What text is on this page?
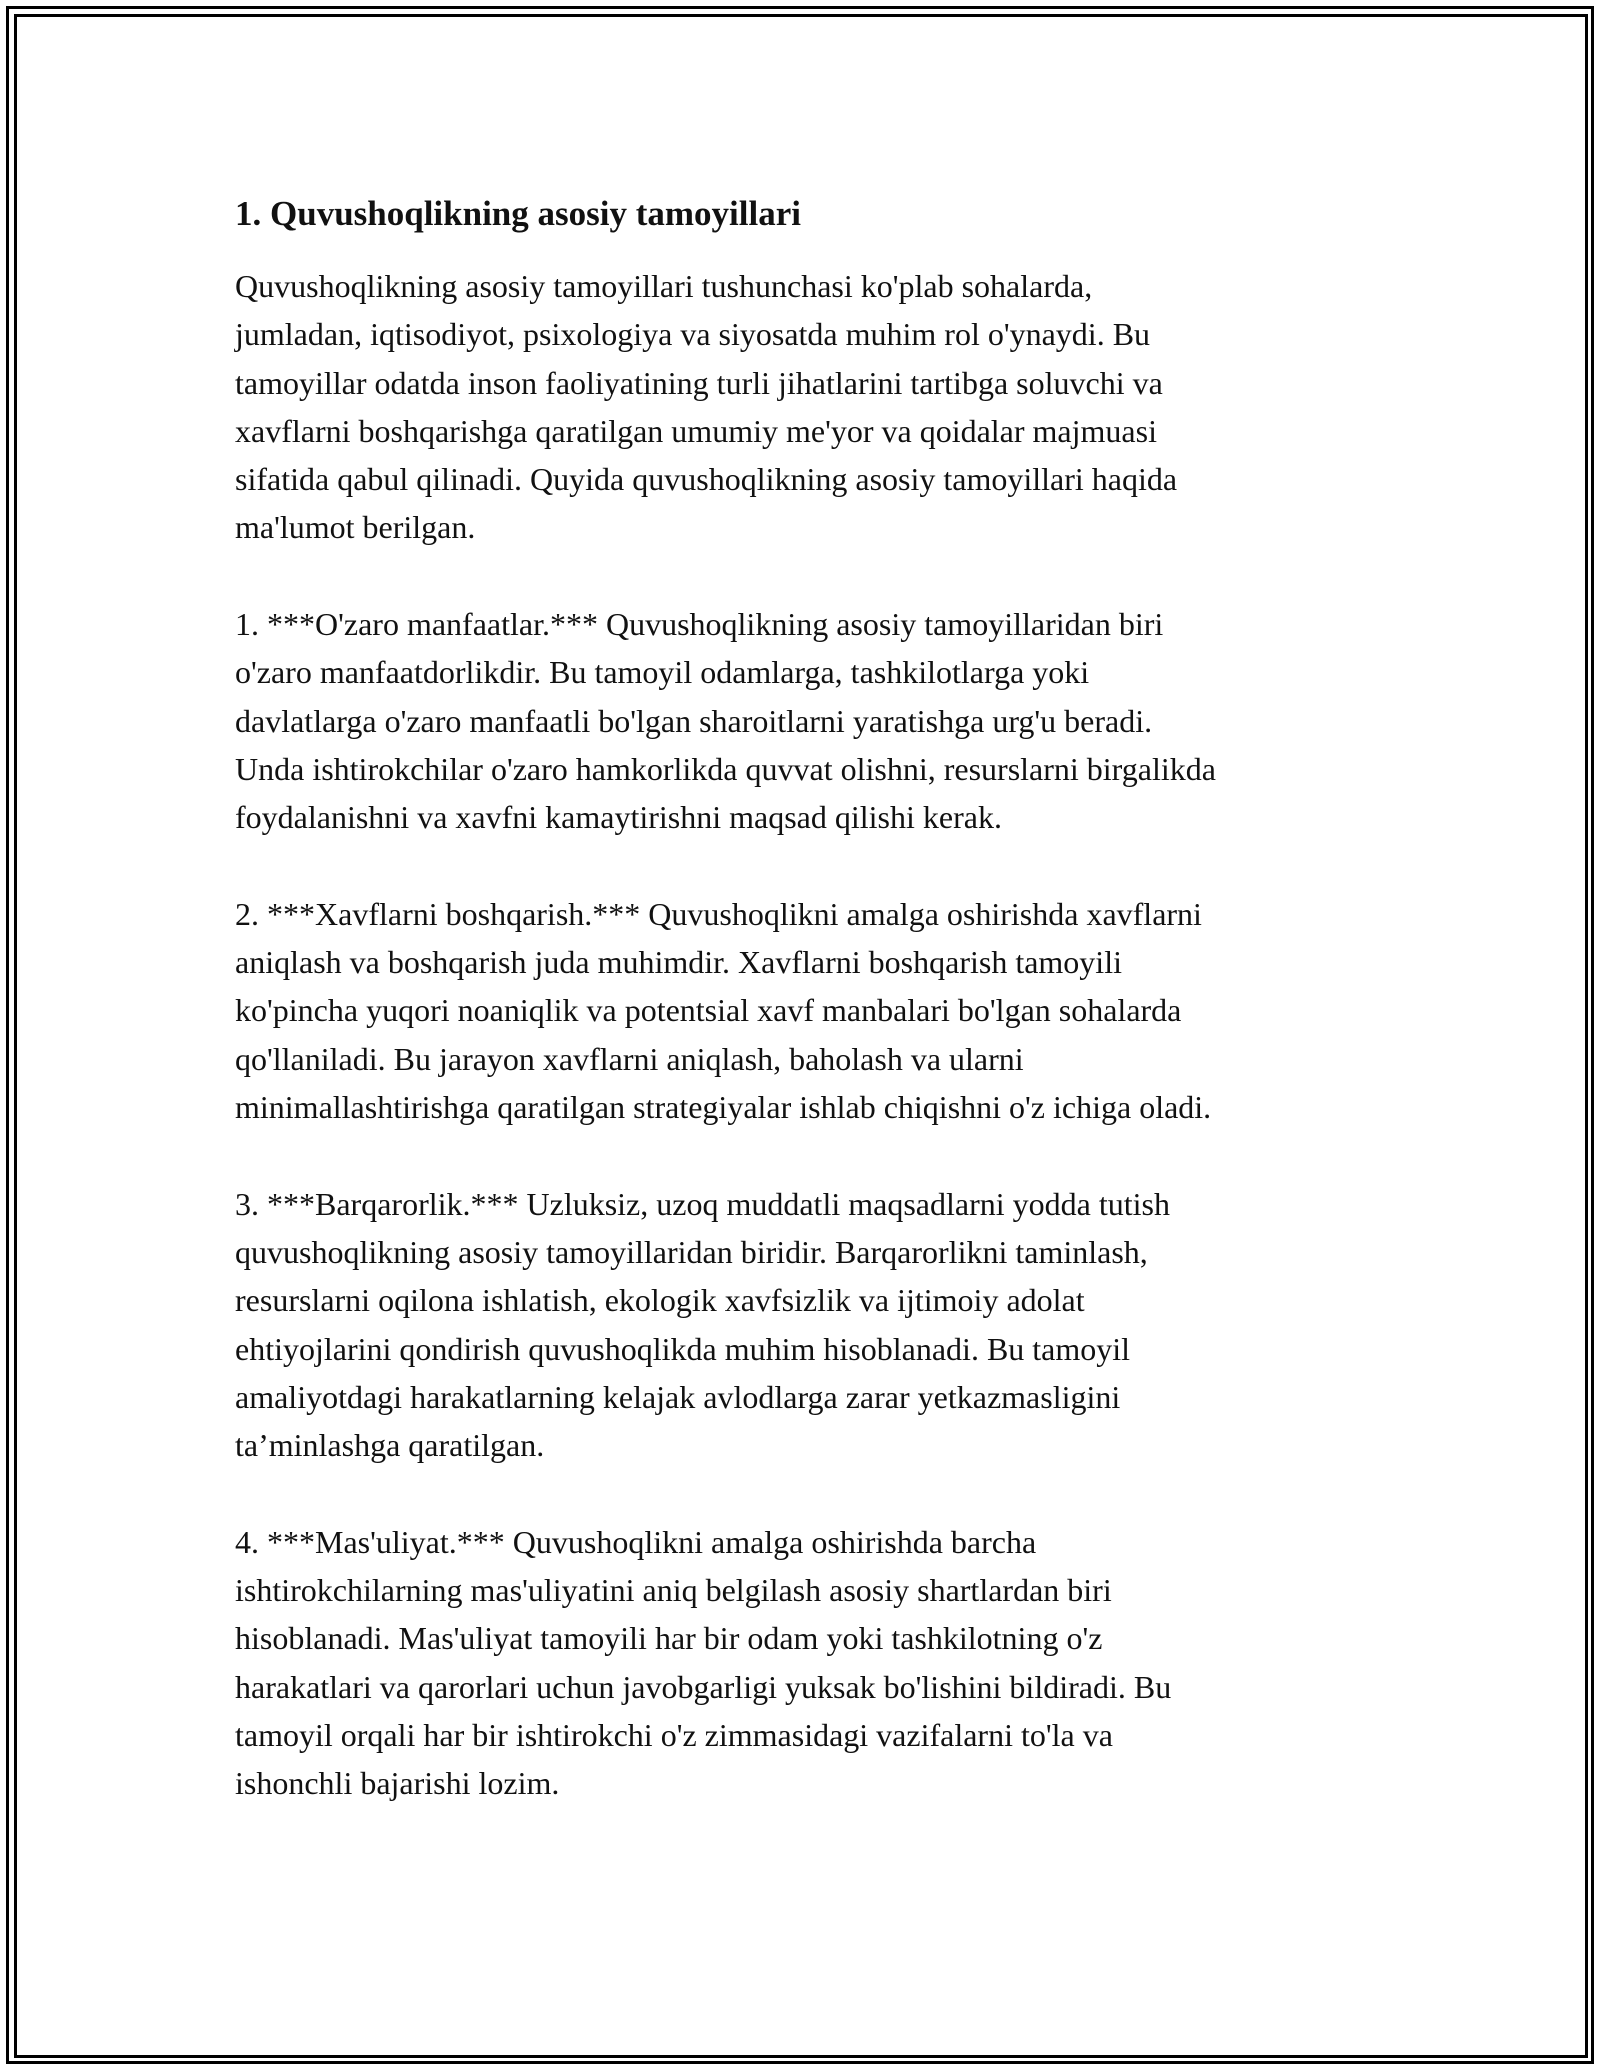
1. Quvushoqlikning asosiy tamoyillari

Quvushoqlikning asosiy tamoyillari tushunchasi ko'plab sohalarda,
jumladan, iqtisodiyot, psixologiya va siyosatda muhim rol o'ynaydi. Bu
tamoyillar odatda inson faoliyatining turli jihatlarini tartibga soluvchi va
xavflarni boshqarishga qaratilgan umumiy me'yor va qoidalar majmuasi
sifatida qabul qilinadi. Quyida quvushoqlikning asosiy tamoyillari haqida
ma'lumot berilgan.

1. ***O'zaro manfaatlar.*** Quvushoqlikning asosiy tamoyillaridan biri
o'zaro manfaatdorlikdir. Bu tamoyil odamlarga, tashkilotlarga yoki
davlatlarga o'zaro manfaatli bo'lgan sharoitlarni yaratishga urg'u beradi.
Unda ishtirokchilar o'zaro hamkorlikda quvvat olishni, resurslarni birgalikda
foydalanishni va xavfni kamaytirishni maqsad qilishi kerak.

2. ***Xavflarni boshqarish.*** Quvushoqlikni amalga oshirishda xavflarni
aniqlash va boshqarish juda muhimdir. Xavflarni boshqarish tamoyili
ko'pincha yuqori noaniqlik va potentsial xavf manbalari bo'lgan sohalarda
qo'llaniladi. Bu jarayon xavflarni aniqlash, baholash va ularni
minimallashtirishga qaratilgan strategiyalar ishlab chiqishni o'z ichiga oladi.

3. ***Barqarorlik.*** Uzluksiz, uzoq muddatli maqsadlarni yodda tutish
quvushoqlikning asosiy tamoyillaridan biridir. Barqarorlikni taminlash,
resurslarni oqilona ishlatish, ekologik xavfsizlik va ijtimoiy adolat
ehtiyojlarini qondirish quvushoqlikda muhim hisoblanadi. Bu tamoyil
amaliyotdagi harakatlarning kelajak avlodlarga zarar yetkazmasligini
ta’minlashga qaratilgan.

4. ***Mas'uliyat.*** Quvushoqlikni amalga oshirishda barcha
ishtirokchilarning mas'uliyatini aniq belgilash asosiy shartlardan biri
hisoblanadi. Mas'uliyat tamoyili har bir odam yoki tashkilotning o'z
harakatlari va qarorlari uchun javobgarligi yuksak bo'lishini bildiradi. Bu
tamoyil orqali har bir ishtirokchi o'z zimmasidagi vazifalarni to'la va
ishonchli bajarishi lozim.
